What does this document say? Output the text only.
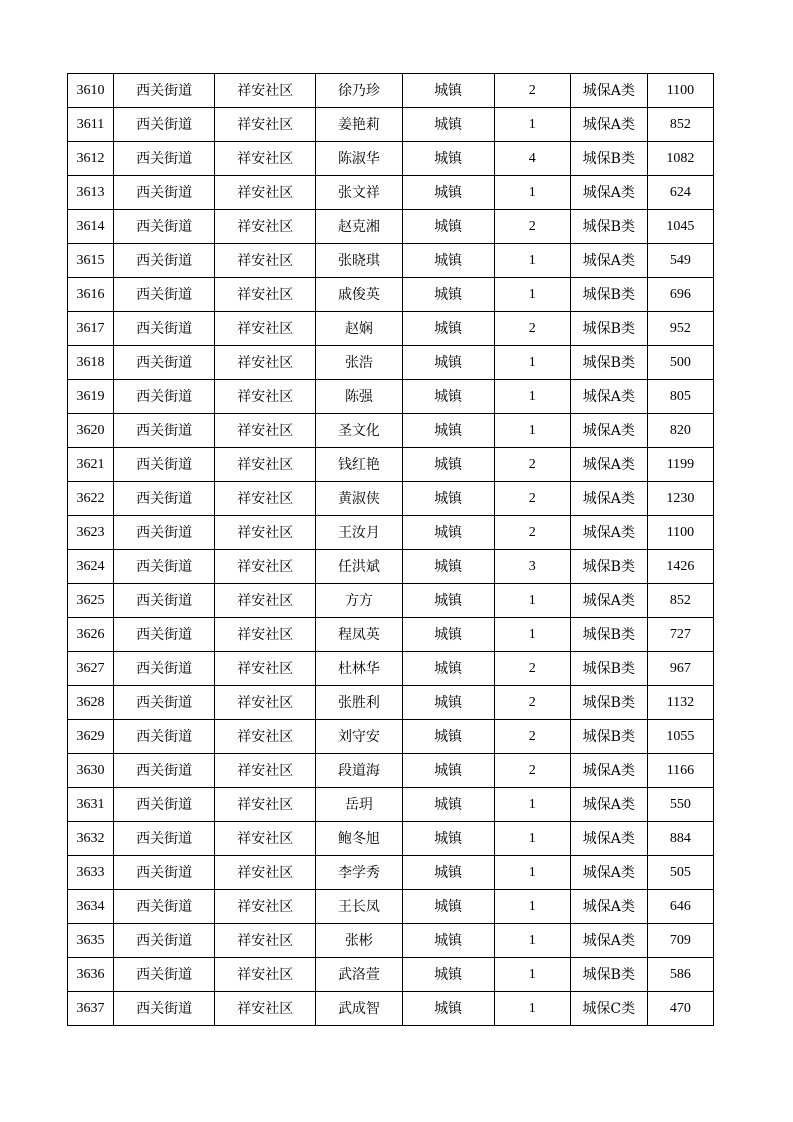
3610	西关街道	祥安社区	徐乃珍	城镇	2	城保A类	1100
3611	西关街道	祥安社区	姜艳莉	城镇	1	城保A类	852
3612	西关街道	祥安社区	陈淑华	城镇	4	城保B类	1082
3613	西关街道	祥安社区	张文祥	城镇	1	城保A类	624
3614	西关街道	祥安社区	赵克湘	城镇	2	城保B类	1045
3615	西关街道	祥安社区	张晓琪	城镇	1	城保A类	549
3616	西关街道	祥安社区	戚俊英	城镇	1	城保B类	696
3617	西关街道	祥安社区	赵娴	城镇	2	城保B类	952
3618	西关街道	祥安社区	张浩	城镇	1	城保B类	500
3619	西关街道	祥安社区	陈强	城镇	1	城保A类	805
3620	西关街道	祥安社区	圣文化	城镇	1	城保A类	820
3621	西关街道	祥安社区	钱红艳	城镇	2	城保A类	1199
3622	西关街道	祥安社区	黄淑侠	城镇	2	城保A类	1230
3623	西关街道	祥安社区	王汝月	城镇	2	城保A类	1100
3624	西关街道	祥安社区	任洪斌	城镇	3	城保B类	1426
3625	西关街道	祥安社区	方方	城镇	1	城保A类	852
3626	西关街道	祥安社区	程凤英	城镇	1	城保B类	727
3627	西关街道	祥安社区	杜林华	城镇	2	城保B类	967
3628	西关街道	祥安社区	张胜利	城镇	2	城保B类	1132
3629	西关街道	祥安社区	刘守安	城镇	2	城保B类	1055
3630	西关街道	祥安社区	段道海	城镇	2	城保A类	1166
3631	西关街道	祥安社区	岳玥	城镇	1	城保A类	550
3632	西关街道	祥安社区	鲍冬旭	城镇	1	城保A类	884
3633	西关街道	祥安社区	李学秀	城镇	1	城保A类	505
3634	西关街道	祥安社区	王长凤	城镇	1	城保A类	646
3635	西关街道	祥安社区	张彬	城镇	1	城保A类	709
3636	西关街道	祥安社区	武洛萱	城镇	1	城保B类	586
3637	西关街道	祥安社区	武成智	城镇	1	城保C类	470
